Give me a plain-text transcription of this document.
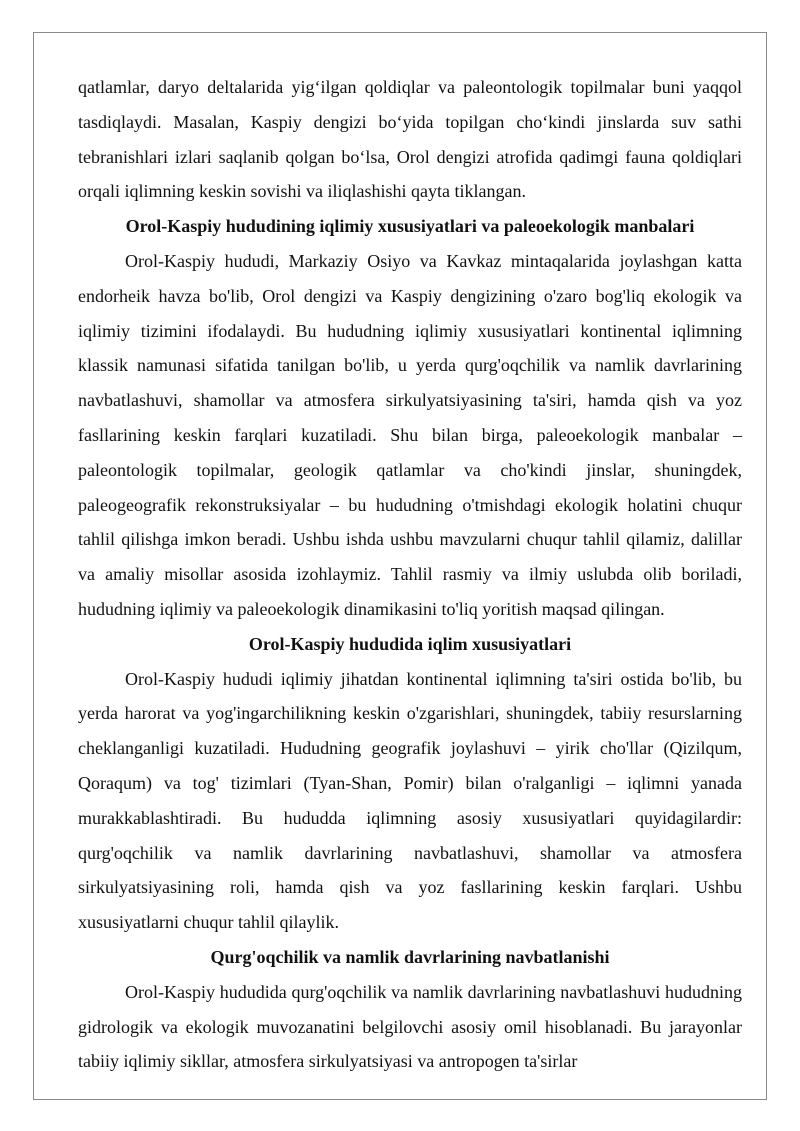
qatlamlar, daryo deltalarida yig‘ilgan qoldiqlar va paleontologik topilmalar buni yaqqol tasdiqlaydi. Masalan, Kaspiy dengizi bo‘yida topilgan cho‘kindi jinslarda suv sathi tebranishlari izlari saqlanib qolgan bo‘lsa, Orol dengizi atrofida qadimgi fauna qoldiqlari orqali iqlimning keskin sovishi va iliqlashishi qayta tiklangan.

Orol-Kaspiy hududining iqlimiy xususiyatlari va paleoekologik manbalari

Orol-Kaspiy hududi, Markaziy Osiyo va Kavkaz mintaqalarida joylashgan katta endorheik havza bo'lib, Orol dengizi va Kaspiy dengizining o'zaro bog'liq ekologik va iqlimiy tizimini ifodalaydi. Bu hududning iqlimiy xususiyatlari kontinental iqlimning klassik namunasi sifatida tanilgan bo'lib, u yerda qurg'oqchilik va namlik davrlarining navbatlashuvi, shamollar va atmosfera sirkulyatsiyasining ta'siri, hamda qish va yoz fasllarining keskin farqlari kuzatiladi. Shu bilan birga, paleoekologik manbalar – paleontologik topilmalar, geologik qatlamlar va cho'kindi jinslar, shuningdek, paleogeografik rekonstruksiyalar – bu hududning o'tmishdagi ekologik holatini chuqur tahlil qilishga imkon beradi. Ushbu ishda ushbu mavzularni chuqur tahlil qilamiz, dalillar va amaliy misollar asosida izohlaymiz. Tahlil rasmiy va ilmiy uslubda olib boriladi, hududning iqlimiy va paleoekologik dinamikasini to'liq yoritish maqsad qilingan.

Orol-Kaspiy hududida iqlim xususiyatlari

Orol-Kaspiy hududi iqlimiy jihatdan kontinental iqlimning ta'siri ostida bo'lib, bu yerda harorat va yog'ingarchilikning keskin o'zgarishlari, shuningdek, tabiiy resurslarning cheklanganligi kuzatiladi. Hududning geografik joylashuvi – yirik cho'llar (Qizilqum, Qoraqum) va tog' tizimlari (Tyan-Shan, Pomir) bilan o'ralganligi – iqlimni yanada murakkablashtiradi. Bu hududda iqlimning asosiy xususiyatlari quyidagilardir: qurg'oqchilik va namlik davrlarining navbatlashuvi, shamollar va atmosfera sirkulyatsiyasining roli, hamda qish va yoz fasllarining keskin farqlari. Ushbu xususiyatlarni chuqur tahlil qilaylik.

Qurg'oqchilik va namlik davrlarining navbatlanishi

Orol-Kaspiy hududida qurg'oqchilik va namlik davrlarining navbatlashuvi hududning gidrologik va ekologik muvozanatini belgilovchi asosiy omil hisoblanadi. Bu jarayonlar tabiiy iqlimiy sikllar, atmosfera sirkulyatsiyasi va antropogen ta'sirlar
